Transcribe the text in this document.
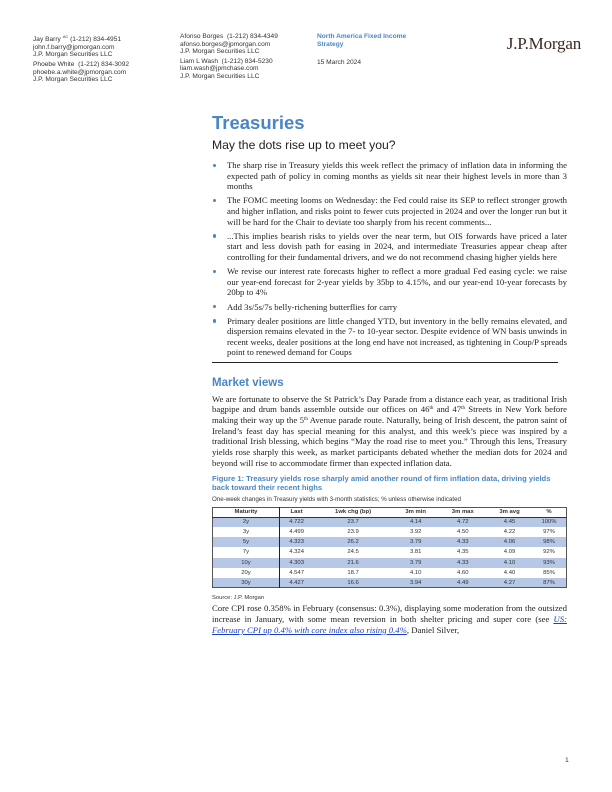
Jay Barry $^{AC}$ (1-212) 834-4951
john.f.barry@jpmorgan.com
J.P. Morgan Securities LLC
Phoebe White (1-212) 834-3092
phoebe.a.white@jpmorgan.com
J.P. Morgan Securities LLC
Afonso Borges (1-212) 834-4349
afonso.borges@jpmorgan.com
J.P. Morgan Securities LLC
Liam L Wash (1-212) 834-5230
liam.wash@jpmchase.com
J.P. Morgan Securities LLC
North America Fixed Income
Strategy
15 March 2024
J.P.Morgan
Treasuries
May the dots rise up to meet you?
The sharp rise in Treasury yields this week reflect the primacy of inflation data in informing the expected path of policy in coming months as yields sit near their highest levels in more than 3 months
The FOMC meeting looms on Wednesday: the Fed could raise its SEP to reflect stronger growth and higher inflation, and risks point to fewer cuts projected in 2024 and over the longer run but it will be hard for the Chair to deviate too sharply from his recent comments...
...This implies bearish risks to yields over the near term, but OIS forwards have priced a later start and less dovish path for easing in 2024, and intermediate Treasuries appear cheap after controlling for their fundamental drivers, and we do not recommend chasing higher yields here
We revise our interest rate forecasts higher to reflect a more gradual Fed easing cycle: we raise our year-end forecast for 2-year yields by 35bp to 4.15%, and our year-end 10-year forecasts by 20bp to 4%
Add 3s/5s/7s belly-richening butterflies for carry
Primary dealer positions are little changed YTD, but inventory in the belly remains elevated, and dispersion remains elevated in the 7- to 10-year sector. Despite evidence of WN basis unwinds in recent weeks, dealer positions at the long end have not increased, as tightening in Coup/P spreads point to renewed demand for Coups
Market views

We are fortunate to observe the St Patrick’s Day Parade from a distance each year, as traditional Irish bagpipe and drum bands assemble outside our offices on 46th and 47th Streets in New York before making their way up the 5th Avenue parade route. Naturally, being of Irish descent, the patron saint of Ireland’s feast day has special meaning for this analyst, and this week’s piece was inspired by a traditional Irish blessing, which begins “May the road rise to meet you.” Through this lens, Treasury yields rose sharply this week, as market participants debated whether the median dots for 2024 and beyond will rise to accommodate firmer than expected inflation data.

Figure 1: Treasury yields rose sharply amid another round of firm inflation data, driving yields back toward their recent highs
One-week changes in Treasury yields with 3-month statistics; % unless otherwise indicated
Maturity	Last	1wk chg (bp)	3m min	3m max	3m avg	%
2y	4.722	23.7	4.14	4.72	4.45	100%
3y	4.499	23.9	3.92	4.50	4.22	97%
5y	4.323	26.2	3.79	4.33	4.06	98%
7y	4.324	24.5	3.81	4.35	4.09	92%
10y	4.303	21.6	3.79	4.33	4.10	93%
20y	4.547	18.7	4.10	4.60	4.40	85%
30y	4.427	16.6	3.94	4.49	4.27	87%
Source: J.P. Morgan

Core CPI rose 0.358% in February (consensus: 0.3%), displaying some moderation from the outsized increase in January, with some mean reversion in both shelter pricing and super core (see US: February CPI up 0.4% with core index also rising 0.4%, Daniel Silver,

1
